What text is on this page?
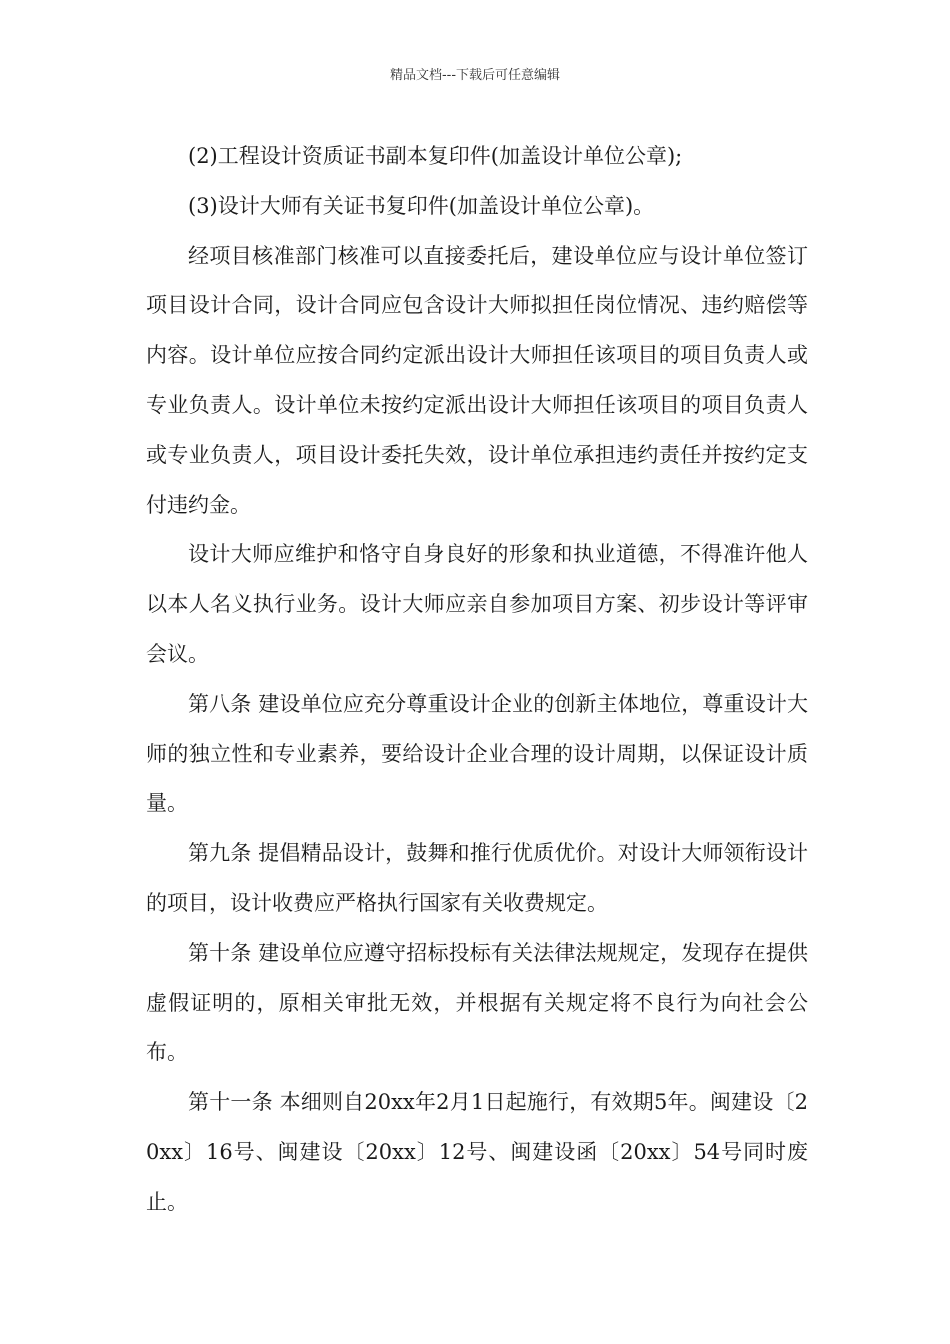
精品文档---下载后可任意编辑

(2)工程设计资质证书副本复印件(加盖设计单位公章);

(3)设计大师有关证书复印件(加盖设计单位公章)。

经项目核准部门核准可以直接委托后，建设单位应与设计单位签订项目设计合同，设计合同应包含设计大师拟担任岗位情况、违约赔偿等内容。设计单位应按合同约定派出设计大师担任该项目的项目负责人或专业负责人。设计单位未按约定派出设计大师担任该项目的项目负责人或专业负责人，项目设计委托失效，设计单位承担违约责任并按约定支付违约金。

设计大师应维护和恪守自身良好的形象和执业道德，不得准许他人以本人名义执行业务。设计大师应亲自参加项目方案、初步设计等评审会议。

第八条 建设单位应充分尊重设计企业的创新主体地位，尊重设计大师的独立性和专业素养，要给设计企业合理的设计周期，以保证设计质量。

第九条 提倡精品设计，鼓舞和推行优质优价。对设计大师领衔设计的项目，设计收费应严格执行国家有关收费规定。

第十条 建设单位应遵守招标投标有关法律法规规定，发现存在提供虚假证明的，原相关审批无效，并根据有关规定将不良行为向社会公布。

第十一条 本细则自20xx年2月1日起施行，有效期5年。闽建设〔20xx〕16号、闽建设〔20xx〕12号、闽建设函〔20xx〕54号同时废止。
